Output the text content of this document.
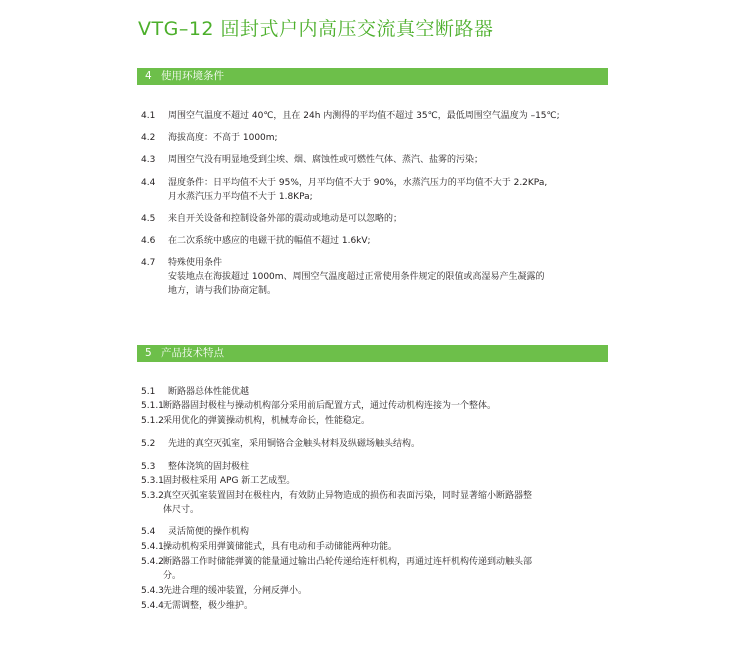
VTG–12 固封式户内高压交流真空断路器
4 使用环境条件
4.1 周围空气温度不超过 40℃，且在 24h 内测得的平均值不超过 35℃，最低周围空气温度为 –15℃;
4.2 海拔高度：不高于 1000m;
4.3 周围空气没有明显地受到尘埃、烟、腐蚀性或可燃性气体、蒸汽、盐雾的污染；
4.4 湿度条件：日平均值不大于 95%，月平均值不大于 90%，水蒸汽压力的平均值不大于 2.2KPa,
月水蒸汽压力平均值不大于 1.8KPa;
4.5 来自开关设备和控制设备外部的震动或地动是可以忽略的；
4.6 在二次系统中感应的电磁干扰的幅值不超过 1.6kV;
4.7 特殊使用条件
安装地点在海拔超过 1000m、周围空气温度超过正常使用条件规定的限值或高湿易产生凝露的
地方，请与我们协商定制。
5 产品技术特点
5.1 断路器总体性能优越
5.1.1断路器固封极柱与操动机构部分采用前后配置方式，通过传动机构连接为一个整体。
5.1.2采用优化的弹簧操动机构，机械寿命长，性能稳定。
5.2 先进的真空灭弧室，采用铜铬合金触头材料及纵磁场触头结构。
5.3 整体浇筑的固封极柱
5.3.1固封极柱采用 APG 新工艺成型。
5.3.2真空灭弧室装置固封在极柱内，有效防止异物造成的损伤和表面污染，同时显著缩小断路器整
体尺寸。
5.4 灵活简便的操作机构
5.4.1操动机构采用弹簧储能式，具有电动和手动储能两种功能。
5.4.2断路器工作时储能弹簧的能量通过输出凸轮传递给连杆机构，再通过连杆机构传递到动触头部
分。
5.4.3先进合理的缓冲装置，分闸反弹小。
5.4.4无需调整，极少维护。
